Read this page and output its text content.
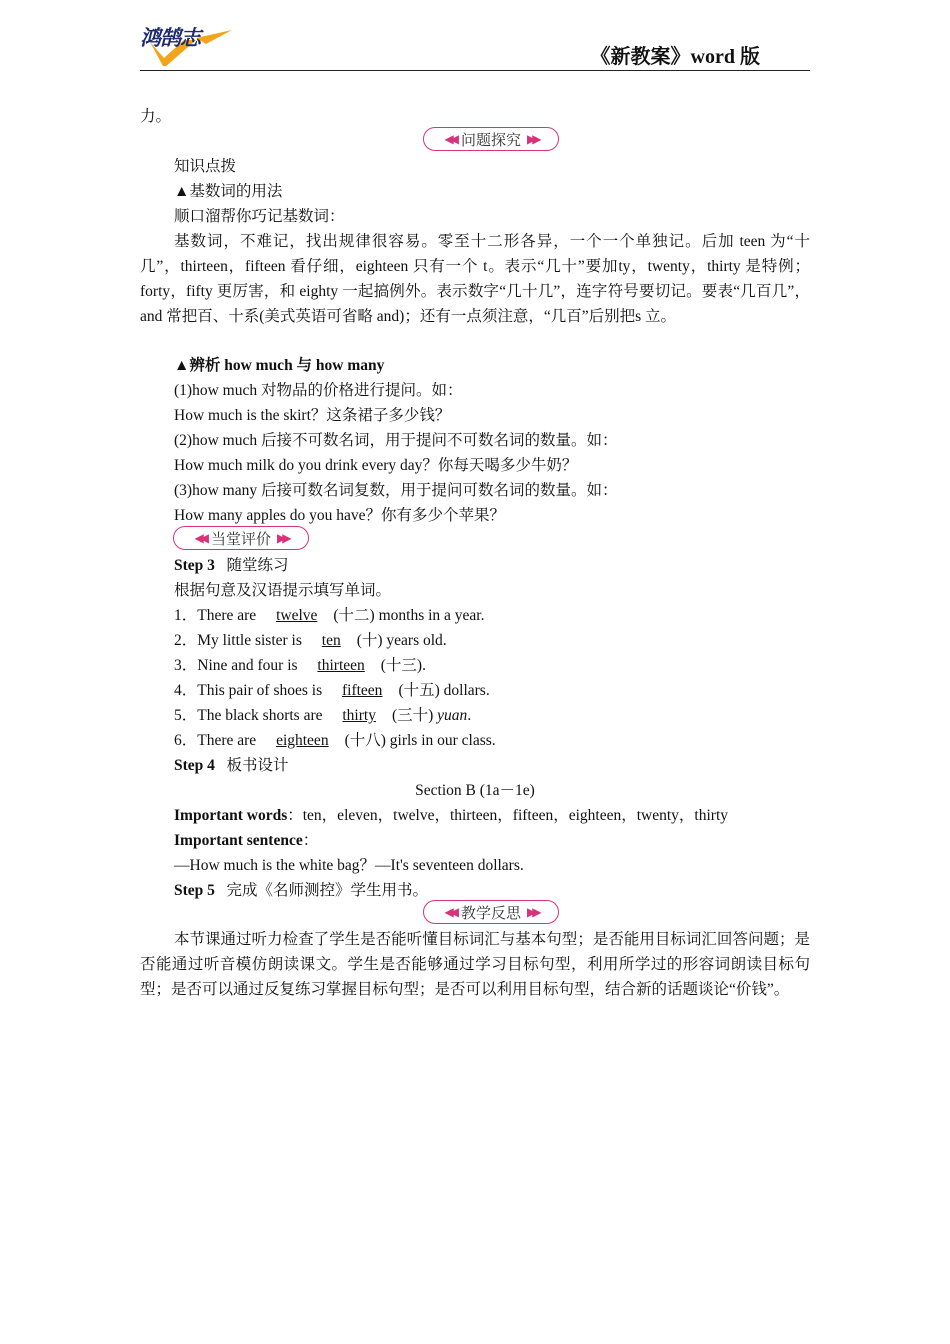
鸿鹄志
《新教案》word 版
力。
◀◀ 问题探究 ▶▶
知识点拨
▲基数词的用法
顺口溜帮你巧记基数词：
基数词，不难记，找出规律很容易。零至十二形各异，一个一个单独记。后加 teen 为“十几”，thirteen，fifteen 看仔细，eighteen 只有一个 t。表示“几十”要加ty，twenty，thirty 是特例；forty，fifty 更厉害，和 eighty 一起搞例外。表示数字“几十几”，连字符号要切记。要表“几百几”，and 常把百、十系(美式英语可省略 and)；还有一点须注意，“几百”后别把s 立。
▲辨析 how much 与 how many
(1)how much 对物品的价格进行提问。如：
How much is the skirt？这条裙子多少钱？
(2)how much 后接不可数名词，用于提问不可数名词的数量。如：
How much milk do you drink every day？你每天喝多少牛奶？
(3)how many 后接可数名词复数，用于提问可数名词的数量。如：
How many apples do you have？你有多少个苹果？
◀◀ 当堂评价 ▶▶
Step 3 随堂练习
根据句意及汉语提示填写单词。
1．There are twelve (十二) months in a year.
2．My little sister is ten (十) years old.
3．Nine and four is thirteen (十三).
4．This pair of shoes is fifteen (十五) dollars.
5．The black shorts are thirty (三十) yuan.
6．There are eighteen (十八) girls in our class.
Step 4 板书设计
Section B (1a－1e)
Important words：ten，eleven，twelve，thirteen，fifteen，eighteen，twenty，thirty
Important sentence：
—How much is the white bag？—It's seventeen dollars.
Step 5 完成《名师测控》学生用书。
◀◀ 教学反思 ▶▶
本节课通过听力检查了学生是否能听懂目标词汇与基本句型；是否能用目标词汇回答问题；是否能通过听音模仿朗读课文。学生是否能够通过学习目标句型，利用所学过的形容词朗读目标句型；是否可以通过反复练习掌握目标句型；是否可以利用目标句型，结合新的话题谈论“价钱”。
